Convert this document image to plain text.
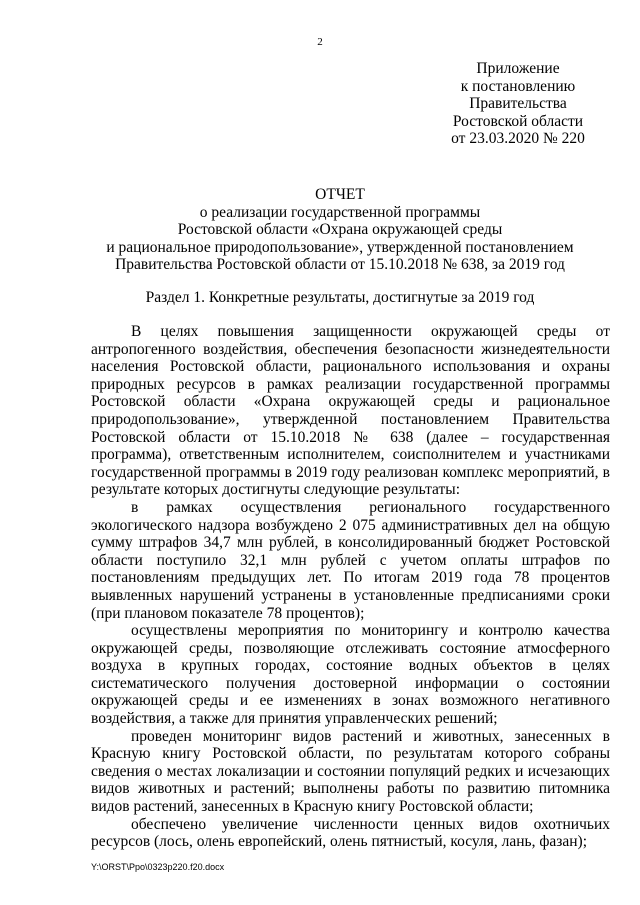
2
Приложение
к постановлению
Правительства
Ростовской области
от 23.03.2020 № 220
ОТЧЕТ
о реализации государственной программы
Ростовской области «Охрана окружающей среды
и рациональное природопользование», утвержденной постановлением
Правительства Ростовской области от 15.10.2018 № 638, за 2019 год
Раздел 1. Конкретные результаты, достигнутые за 2019 год

В целях повышения защищенности окружающей среды от антропогенного воздействия, обеспечения безопасности жизнедеятельности населения Ростовской области, рационального использования и охраны природных ресурсов в рамках реализации государственной программы Ростовской области «Охрана окружающей среды и рациональное природопользование», утвержденной постановлением Правительства Ростовской области от 15.10.2018 № 638 (далее – государственная программа), ответственным исполнителем, соисполнителем и участниками государственной программы в 2019 году реализован комплекс мероприятий, в результате которых достигнуты следующие результаты:

в рамках осуществления регионального государственного экологического надзора возбуждено 2 075 административных дел на общую сумму штрафов 34,7 млн рублей, в консолидированный бюджет Ростовской области поступило 32,1 млн рублей с учетом оплаты штрафов по постановлениям предыдущих лет. По итогам 2019 года 78 процентов выявленных нарушений устранены в установленные предписаниями сроки (при плановом показателе 78 процентов);

осуществлены мероприятия по мониторингу и контролю качества окружающей среды, позволяющие отслеживать состояние атмосферного воздуха в крупных городах, состояние водных объектов в целях систематического получения достоверной информации о состоянии окружающей среды и ее изменениях в зонах возможного негативного воздействия, а также для принятия управленческих решений;

проведен мониторинг видов растений и животных, занесенных в Красную книгу Ростовской области, по результатам которого собраны сведения о местах локализации и состоянии популяций редких и исчезающих видов животных и растений; выполнены работы по развитию питомника видов растений, занесенных в Красную книгу Ростовской области;

обеспечено увеличение численности ценных видов охотничьих ресурсов (лось, олень европейский, олень пятнистый, косуля, лань, фазан);

Y:\ORST\Ppo\0323p220.f20.docx
